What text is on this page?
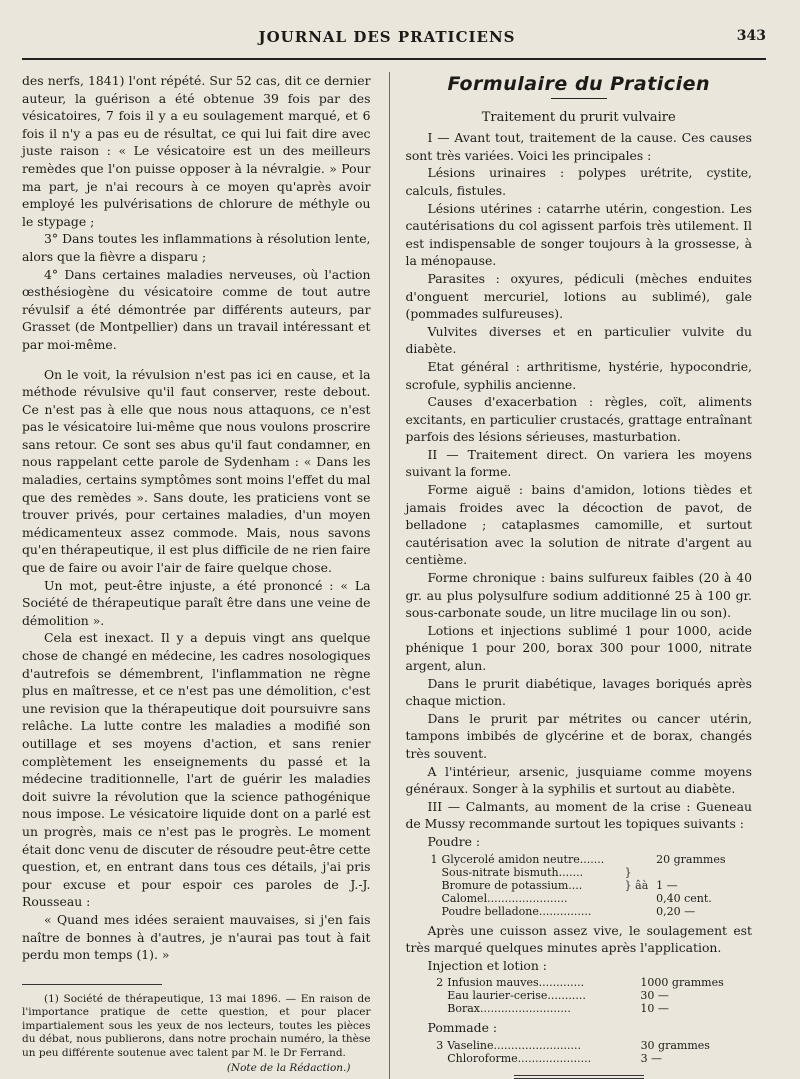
JOURNAL DES PRATICIENS	343

des nerfs, 1841) l'ont répété. Sur 52 cas, dit ce dernier auteur, la guérison a été obtenue 39 fois par des vésicatoires, 7 fois il y a eu soulagement marqué, et 6 fois il n'y a pas eu de résultat, ce qui lui fait dire avec juste raison : « Le vésicatoire est un des meilleurs remèdes que l'on puisse opposer à la névralgie. » Pour ma part, je n'ai recours à ce moyen qu'après avoir employé les pulvérisations de chlorure de méthyle ou le stypage ;

3° Dans toutes les inflammations à résolution lente, alors que la fièvre a disparu ;

4° Dans certaines maladies nerveuses, où l'action œsthésiogène du vésicatoire comme de tout autre révulsif a été démontrée par différents auteurs, par Grasset (de Montpellier) dans un travail intéressant et par moi-même.

On le voit, la révulsion n'est pas ici en cause, et la méthode révulsive qu'il faut conserver, reste debout. Ce n'est pas à elle que nous nous attaquons, ce n'est pas le vésicatoire lui-même que nous voulons proscrire sans retour. Ce sont ses abus qu'il faut condamner, en nous rappelant cette parole de Sydenham : « Dans les maladies, certains symptômes sont moins l'effet du mal que des remèdes ». Sans doute, les praticiens vont se trouver privés, pour certaines maladies, d'un moyen médicamenteux assez commode. Mais, nous savons qu'en thérapeutique, il est plus difficile de ne rien faire que de faire ou avoir l'air de faire quelque chose.

Un mot, peut-être injuste, a été prononcé : « La Société de thérapeutique paraît être dans une veine de démolition ».

Cela est inexact. Il y a depuis vingt ans quelque chose de changé en médecine, les cadres nosologiques d'autrefois se démembrent, l'inflammation ne règne plus en maîtresse, et ce n'est pas une démolition, c'est une revision que la thérapeutique doit poursuivre sans relâche. La lutte contre les maladies a modifié son outillage et ses moyens d'action, et sans renier complètement les enseignements du passé et la médecine traditionnelle, l'art de guérir les maladies doit suivre la révolution que la science pathogénique nous impose. Le vésicatoire liquide dont on a parlé est un progrès, mais ce n'est pas le progrès. Le moment était donc venu de discuter de résoudre peut-être cette question, et, en entrant dans tous ces détails, j'ai pris pour excuse et pour espoir ces paroles de J.-J. Rousseau :

« Quand mes idées seraient mauvaises, si j'en fais naître de bonnes à d'autres, je n'aurai pas tout à fait perdu mon temps (1). »

(1) Société de thérapeutique, 13 mai 1896. — En raison de l'importance pratique de cette question, et pour placer impartialement sous les yeux de nos lecteurs, toutes les pièces du débat, nous publierons, dans notre prochain numéro, la thèse un peu différente soutenue avec talent par M. le Dr Ferrand.

(Note de la Rédaction.)

Formulaire du Praticien
Traitement du prurit vulvaire

I — Avant tout, traitement de la cause. Ces causes sont très variées. Voici les principales :

Lésions urinaires : polypes urétrite, cystite, calculs, fistules.

Lésions utérines : catarrhe utérin, congestion. Les cautérisations du col agissent parfois très utilement. Il est indispensable de songer toujours à la grossesse, à la ménopause.

Parasites : oxyures, pédiculi (mèches enduites d'onguent mercuriel, lotions au sublimé), gale (pommades sulfureuses).

Vulvites diverses et en particulier vulvite du diabète.

Etat général : arthritisme, hystérie, hypocondrie, scrofule, syphilis ancienne.

Causes d'exacerbation : règles, coït, aliments excitants, en particulier crustacés, grattage entraînant parfois des lésions sérieuses, masturbation.

II — Traitement direct. On variera les moyens suivant la forme.

Forme aiguë : bains d'amidon, lotions tièdes et jamais froides avec la décoction de pavot, de belladone ; cataplasmes camomille, et surtout cautérisation avec la solution de nitrate d'argent au centième.

Forme chronique : bains sulfureux faibles (20 à 40 gr. au plus polysulfure sodium additionné 25 à 100 gr. sous-carbonate soude, un litre mucilage lin ou son).

Lotions et injections sublimé 1 pour 1000, acide phénique 1 pour 200, borax 300 pour 1000, nitrate argent, alun.

Dans le prurit diabétique, lavages boriqués après chaque miction.

Dans le prurit par métrites ou cancer utérin, tampons imbibés de glycérine et de borax, changés très souvent.

A l'intérieur, arsenic, jusquiame comme moyens généraux. Songer à la syphilis et surtout au diabète.

III — Calmants, au moment de la crise : Gueneau de Mussy recommande surtout les topiques suivants :

Poudre :

1	Glycerolé amidon neutre.......		20 grammes
	Sous-nitrate bismuth.......	}	
	Bromure de potassium....	} âà	1 —
	Calomel.......................		0,40 cent.
	Poudre belladone...............		0,20 —

Après une cuisson assez vive, le soulagement est très marqué quelques minutes après l'application.

Injection et lotion :

2	Infusion mauves.............	1000 grammes
	Eau laurier-cerise...........	30 —
	Borax..........................	10 —

Pommade :

3	Vaseline.........................	30 grammes
	Chloroforme.....................	3 —
